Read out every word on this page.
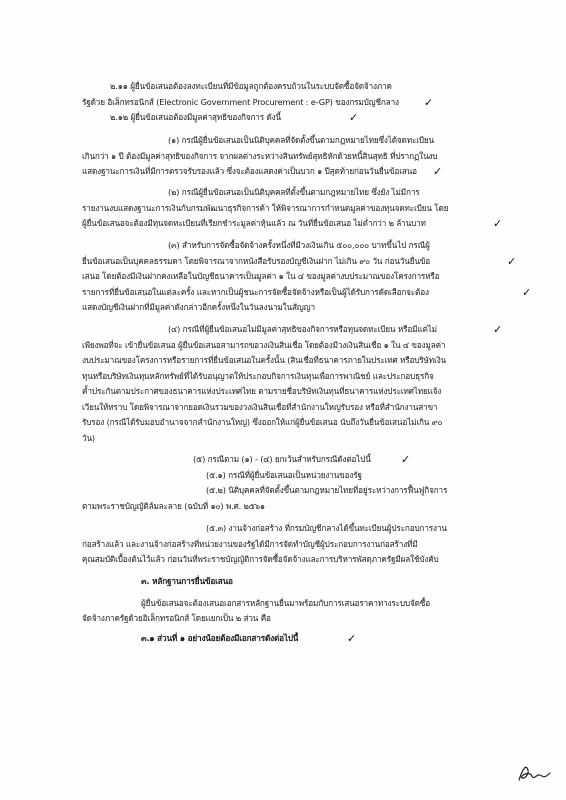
๒.๑๑ ผู้ยื่นข้อเสนอต้องลงทะเบียนที่มีข้อมูลถูกต้องครบถ้วนในระบบจัดซื้อจัดจ้างภาค
รัฐด้วย อิเล็กทรอนิกส์ (Electronic Government Procurement : e-GP) ของกรมบัญชีกลาง
๒.๑๒ ผู้ยื่นข้อเสนอต้องมีมูลค่าสุทธิของกิจการ ดังนี้
(๑) กรณีผู้ยื่นข้อเสนอเป็นนิติบุคคลที่จัดตั้งขึ้นตามกฎหมายไทยซึ่งได้จดทะเบียน
เกินกว่า ๑ ปี ต้องมีมูลค่าสุทธิของกิจการ จากผลต่างระหว่างสินทรัพย์สุทธิหักด้วยหนี้สินสุทธิ ที่ปรากฏในงบ
แสดงฐานะการเงินที่มีการตรวจรับรองแล้ว ซึ่งจะต้องแสดงค่าเป็นบวก ๑ ปีสุดท้ายก่อนวันยื่นข้อเสนอ
(๒) กรณีผู้ยื่นข้อเสนอเป็นนิติบุคคลที่ตั้งขึ้นตามกฎหมายไทย ซึ่งยัง ไม่มีการ
รายงานงบแสดงฐานะการเงินกับกรมพัฒนาธุรกิจการค้า ให้พิจารณาการกำหนดมูลค่าของทุนจดทะเบียน โดย
ผู้ยื่นข้อเสนอจะต้องมีทุนจดทะเบียนที่เรียกชำระมูลค่าหุ้นแล้ว ณ วันที่ยื่นข้อเสนอ ไม่ต่ำกว่า ๒ ล้านบาท
(๓) สำหรับการจัดซื้อจัดจ้างครั้งหนึ่งที่มีวงเงินเกิน ๕๐๐,๐๐๐ บาทขึ้นไป กรณีผู้
ยื่นข้อเสนอเป็นบุคคลธรรมดา โดยพิจารณาจากหนังสือรับรองบัญชีเงินฝาก ไม่เกิน ๙๐ วัน ก่อนวันยื่นข้อ
เสนอ โดยต้องมีเงินฝากคงเหลือในบัญชีธนาคารเป็นมูลค่า ๑ ใน ๔ ของมูลค่างบประมาณของโครงการหรือ
รายการที่ยื่นข้อเสนอในแต่ละครั้ง และหากเป็นผู้ชนะการจัดซื้อจัดจ้างหรือเป็นผู้ได้รับการคัดเลือกจะต้อง
แสดงบัญชีเงินฝากที่มีมูลค่าดังกล่าวอีกครั้งหนึ่งในวันลงนามในสัญญา
(๔) กรณีที่ผู้ยื่นข้อเสนอไม่มีมูลค่าสุทธิของกิจการหรือทุนจดทะเบียน หรือมีแต่ไม่
เพียงพอที่จะ เข้ายื่นข้อเสนอ ผู้ยื่นข้อเสนอสามารถขอวงเงินสินเชื่อ โดยต้องมีวงเงินสินเชื่อ ๑ ใน ๔ ของมูลค่า
งบประมาณของโครงการหรือรายการที่ยื่นข้อเสนอในครั้งนั้น (สินเชื่อที่ธนาคารภายในประเทศ หรือบริษัทเงิน
ทุนหรือบริษัทเงินทุนหลักทรัพย์ที่ได้รับอนุญาตให้ประกอบกิจการเงินทุนเพื่อการพาณิชย์ และประกอบธุรกิจ
ค้ำประกันตามประกาศของธนาคารแห่งประเทศไทย ตามรายชื่อบริษัทเงินทุนที่ธนาคารแห่งประเทศไทยแจ้ง
เวียนให้ทราบ โดยพิจารณาจากยอดเงินรวมของวงเงินสินเชื่อที่สำนักงานใหญ่รับรอง หรือที่สำนักงานสาขา
รับรอง (กรณีได้รับมอบอำนาจจากสำนักงานใหญ่) ซึ่งออกให้แก่ผู้ยื่นข้อเสนอ นับถึงวันยื่นข้อเสนอไม่เกิน ๙๐
วัน)
(๕) กรณีตาม (๑) - (๔) ยกเว้นสำหรับกรณีดังต่อไปนี้
(๕.๑) กรณีที่ผู้ยื่นข้อเสนอเป็นหน่วยงานของรัฐ
(๕.๒) นิติบุคคลที่จัดตั้งขึ้นตามกฎหมายไทยที่อยู่ระหว่างการฟื้นฟูกิจการ
ตามพระราชบัญญัติล้มละลาย (ฉบับที่ ๑๐) พ.ศ. ๒๕๖๑
(๕.๓) งานจ้างก่อสร้าง ที่กรมบัญชีกลางได้ขึ้นทะเบียนผู้ประกอบการงาน
ก่อสร้างแล้ว และงานจ้างก่อสร้างที่หน่วยงานของรัฐได้มีการจัดทำบัญชีผู้ประกอบการงานก่อสร้างที่มี
คุณสมบัติเบื้องต้นไว้แล้ว ก่อนวันที่พระราชบัญญัติการจัดซื้อจัดจ้างและการบริหารพัสดุภาครัฐมีผลใช้บังคับ
๓. หลักฐานการยื่นข้อเสนอ
ผู้ยื่นข้อเสนอจะต้องเสนอเอกสารหลักฐานยื่นมาพร้อมกับการเสนอราคาทางระบบจัดซื้อ
จัดจ้างภาครัฐด้วยอิเล็กทรอนิกส์ โดยแยกเป็น ๒ ส่วน คือ
๓.๑ ส่วนที่ ๑ อย่างน้อยต้องมีเอกสารดังต่อไปนี้
✓
✓
✓
✓
✓
✓
✓
✓
✓
